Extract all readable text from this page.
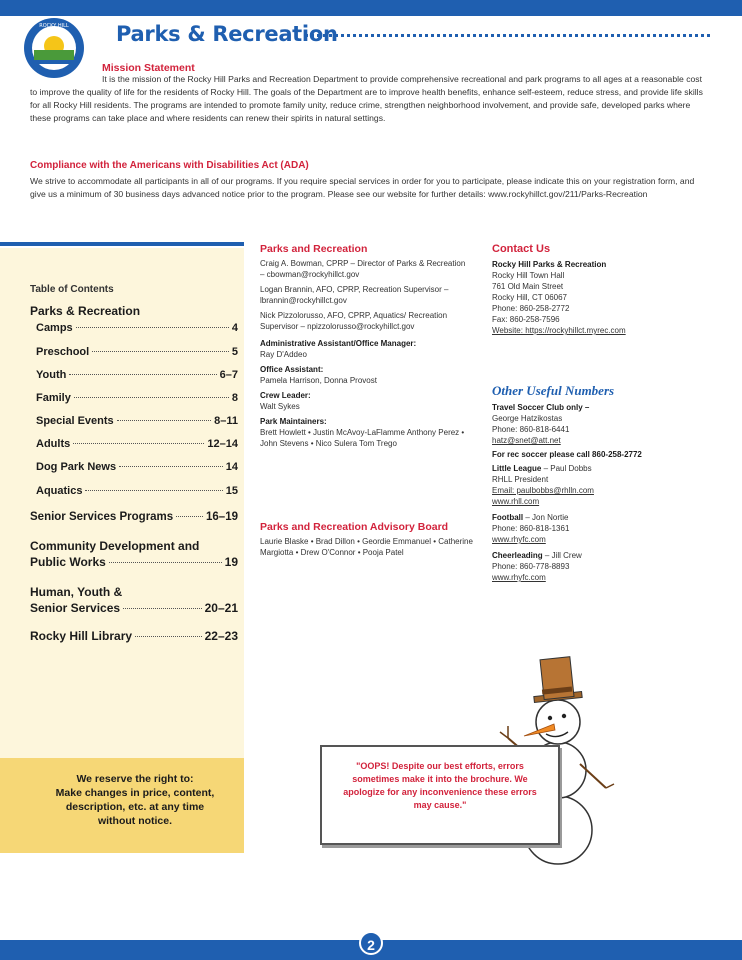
ROCKY HILL Parks & Recreation
Mission Statement
It is the mission of the Rocky Hill Parks and Recreation Department to provide comprehensive recreational and park programs to all ages at a reasonable cost to improve the quality of life for the residents of Rocky Hill. The goals of the Department are to improve health benefits, enhance self-esteem, reduce stress, and provide life skills for all Rocky Hill residents. The programs are intended to promote family unity, reduce crime, strengthen neighborhood involvement, and provide safe, developed parks where these programs can take place and where residents can renew their spirits in natural settings.
Compliance with the Americans with Disabilities Act (ADA)
We strive to accommodate all participants in all of our programs. If you require special services in order for you to participate, please indicate this on your registration form, and give us a minimum of 30 business days advanced notice prior to the program. Please see our website for further details: www.rockyhillct.gov/211/Parks-Recreation
Table of Contents
Parks & Recreation
Camps	4
Preschool	5
Youth	6–7
Family	8
Special Events	8–11
Adults	12–14
Dog Park News	14
Aquatics	15
Senior Services Programs	16–19
Community Development and
Public Works	19
Human, Youth &
Senior Services	20–21
Rocky Hill Library	22–23
We reserve the right to:
Make changes in price, content,
description, etc. at any time
without notice.
Parks and Recreation
Craig A. Bowman, CPRP – Director of Parks & Recreation – cbowman@rockyhillct.gov
Logan Brannin, AFO, CPRP, Recreation Supervisor – lbrannin@rockyhillct.gov
Nick Pizzolorusso, AFO, CPRP, Aquatics/ Recreation Supervisor – npizzolorusso@rockyhillct.gov
Administrative Assistant/Office Manager:
Ray D'Addeo
Office Assistant:
Pamela Harrison, Donna Provost
Crew Leader:
Walt Sykes
Park Maintainers:
Brett Howlett • Justin McAvoy-LaFlamme Anthony Perez • John Stevens • Nico Sulera Tom Trego
Parks and Recreation Advisory Board
Laurie Blaske • Brad Dillon • Geordie Emmanuel • Catherine Margiotta • Drew O'Connor • Pooja Patel
Contact Us
Rocky Hill Parks & Recreation
Rocky Hill Town Hall
761 Old Main Street
Rocky Hill, CT 06067
Phone: 860-258-2772
Fax: 860-258-7596
Website: https://rockyhillct.myrec.com
Other Useful Numbers
Travel Soccer Club only –
George Hatzikostas
Phone: 860-818-6441
hatz@snet@att.net
For rec soccer please call 860-258-2772
Little League – Paul Dobbs
RHLL President
Email: paulbobbs@rhlln.com
www.rhll.com
Football – Jon Nortie
Phone: 860-818-1361
www.rhyfc.com
Cheerleading – Jill Crew
Phone: 860-778-8893
www.rhyfc.com
"OOPS! Despite our best efforts, errors sometimes make it into the brochure. We apologize for any inconvenience these errors may cause."
2
